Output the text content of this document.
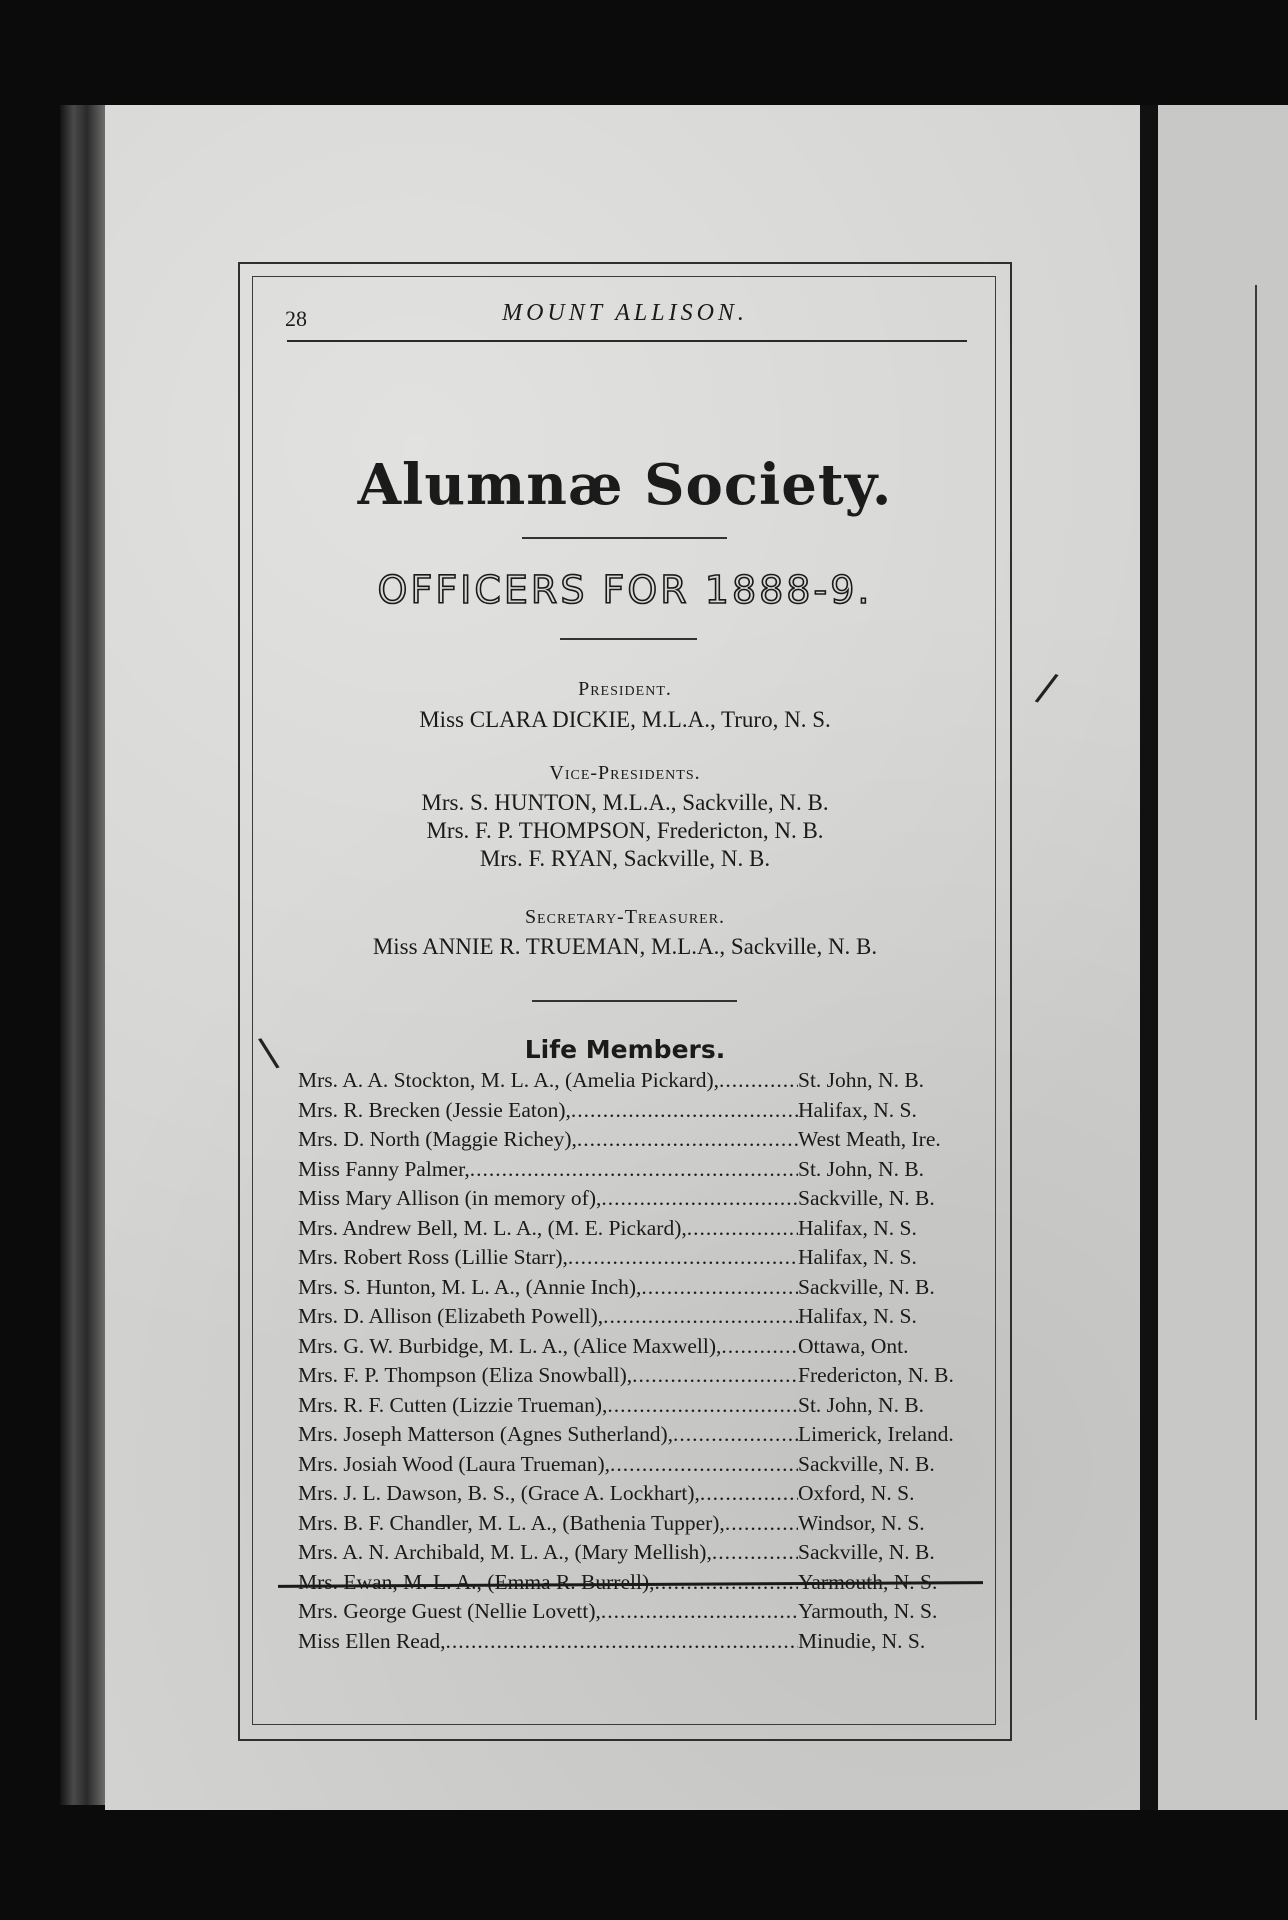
28	MOUNT ALLISON.
Alumnæ Society.
OFFICERS FOR 1888-9.
President.
Miss CLARA DICKIE, M.L.A., Truro, N. S.
Vice-Presidents.
Mrs. S. HUNTON, M.L.A., Sackville, N. B.
Mrs. F. P. THOMPSON, Fredericton, N. B.
Mrs. F. RYAN, Sackville, N. B.
Secretary-Treasurer.
Miss ANNIE R. TRUEMAN, M.L.A., Sackville, N. B.
Life Members.
Mrs. A. A. Stockton, M. L. A., (Amelia Pickard), .....	St. John, N. B.
Mrs. R. Brecken (Jessie Eaton), .....	Halifax, N. S.
Mrs. D. North (Maggie Richey), .....	West Meath, Ire.
Miss Fanny Palmer, .....	St. John, N. B.
Miss Mary Allison (in memory of), .....	Sackville, N. B.
Mrs. Andrew Bell, M. L. A., (M. E. Pickard), .....	Halifax, N. S.
Mrs. Robert Ross (Lillie Starr), .....	Halifax, N. S.
Mrs. S. Hunton, M. L. A., (Annie Inch), .....	Sackville, N. B.
Mrs. D. Allison (Elizabeth Powell), .....	Halifax, N. S.
Mrs. G. W. Burbidge, M. L. A., (Alice Maxwell), .....	Ottawa, Ont.
Mrs. F. P. Thompson (Eliza Snowball), .....	Fredericton, N. B.
Mrs. R. F. Cutten (Lizzie Trueman), .....	St. John, N. B.
Mrs. Joseph Matterson (Agnes Sutherland), .....	Limerick, Ireland.
Mrs. Josiah Wood (Laura Trueman), .....	Sackville, N. B.
Mrs. J. L. Dawson, B. S., (Grace A. Lockhart), .....	Oxford, N. S.
Mrs. B. F. Chandler, M. L. A., (Bathenia Tupper), .....	Windsor, N. S.
Mrs. A. N. Archibald, M. L. A., (Mary Mellish), .....	Sackville, N. B.
Mrs. Ewan, M. L. A., (Emma R. Burrell), .....	Yarmouth, N. S.
Mrs. George Guest (Nellie Lovett), .....	Yarmouth, N. S.
Miss Ellen Read, .....	Minudie, N. S.
\
/
